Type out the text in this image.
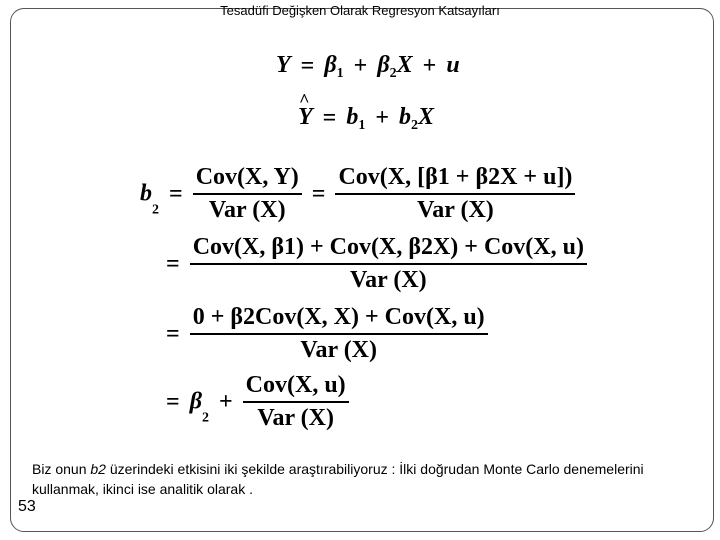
Tesadüfi Değişken Olarak Regresyon Katsayıları
$Y = \beta_1 + \beta_2X + u$
^ $Y = b_1 + b_2X$
$b_2 = \frac{\text{Cov(X, Y)}}{\text{Var (X)}} = \frac{\text{Cov(X, [β1 + β2X + u])}}{\text{Var (X)}}$
= $\frac{\text{Cov(X, β1) + Cov(X, β2X) + Cov(X, u)}}{\text{Var (X)}}$
= $\frac{\text{0 + β2Cov(X, X) + Cov(X, u)}}{\text{Var (X)}}$
= $\beta_2 + \frac{\text{Cov(X, u)}}{\text{Var (X)}}$
Biz onun b2 üzerindeki etkisini iki şekilde araştırabiliyoruz : İlki doğrudan Monte Carlo denemelerini kullanmak, ikinci ise analitik olarak .
53
